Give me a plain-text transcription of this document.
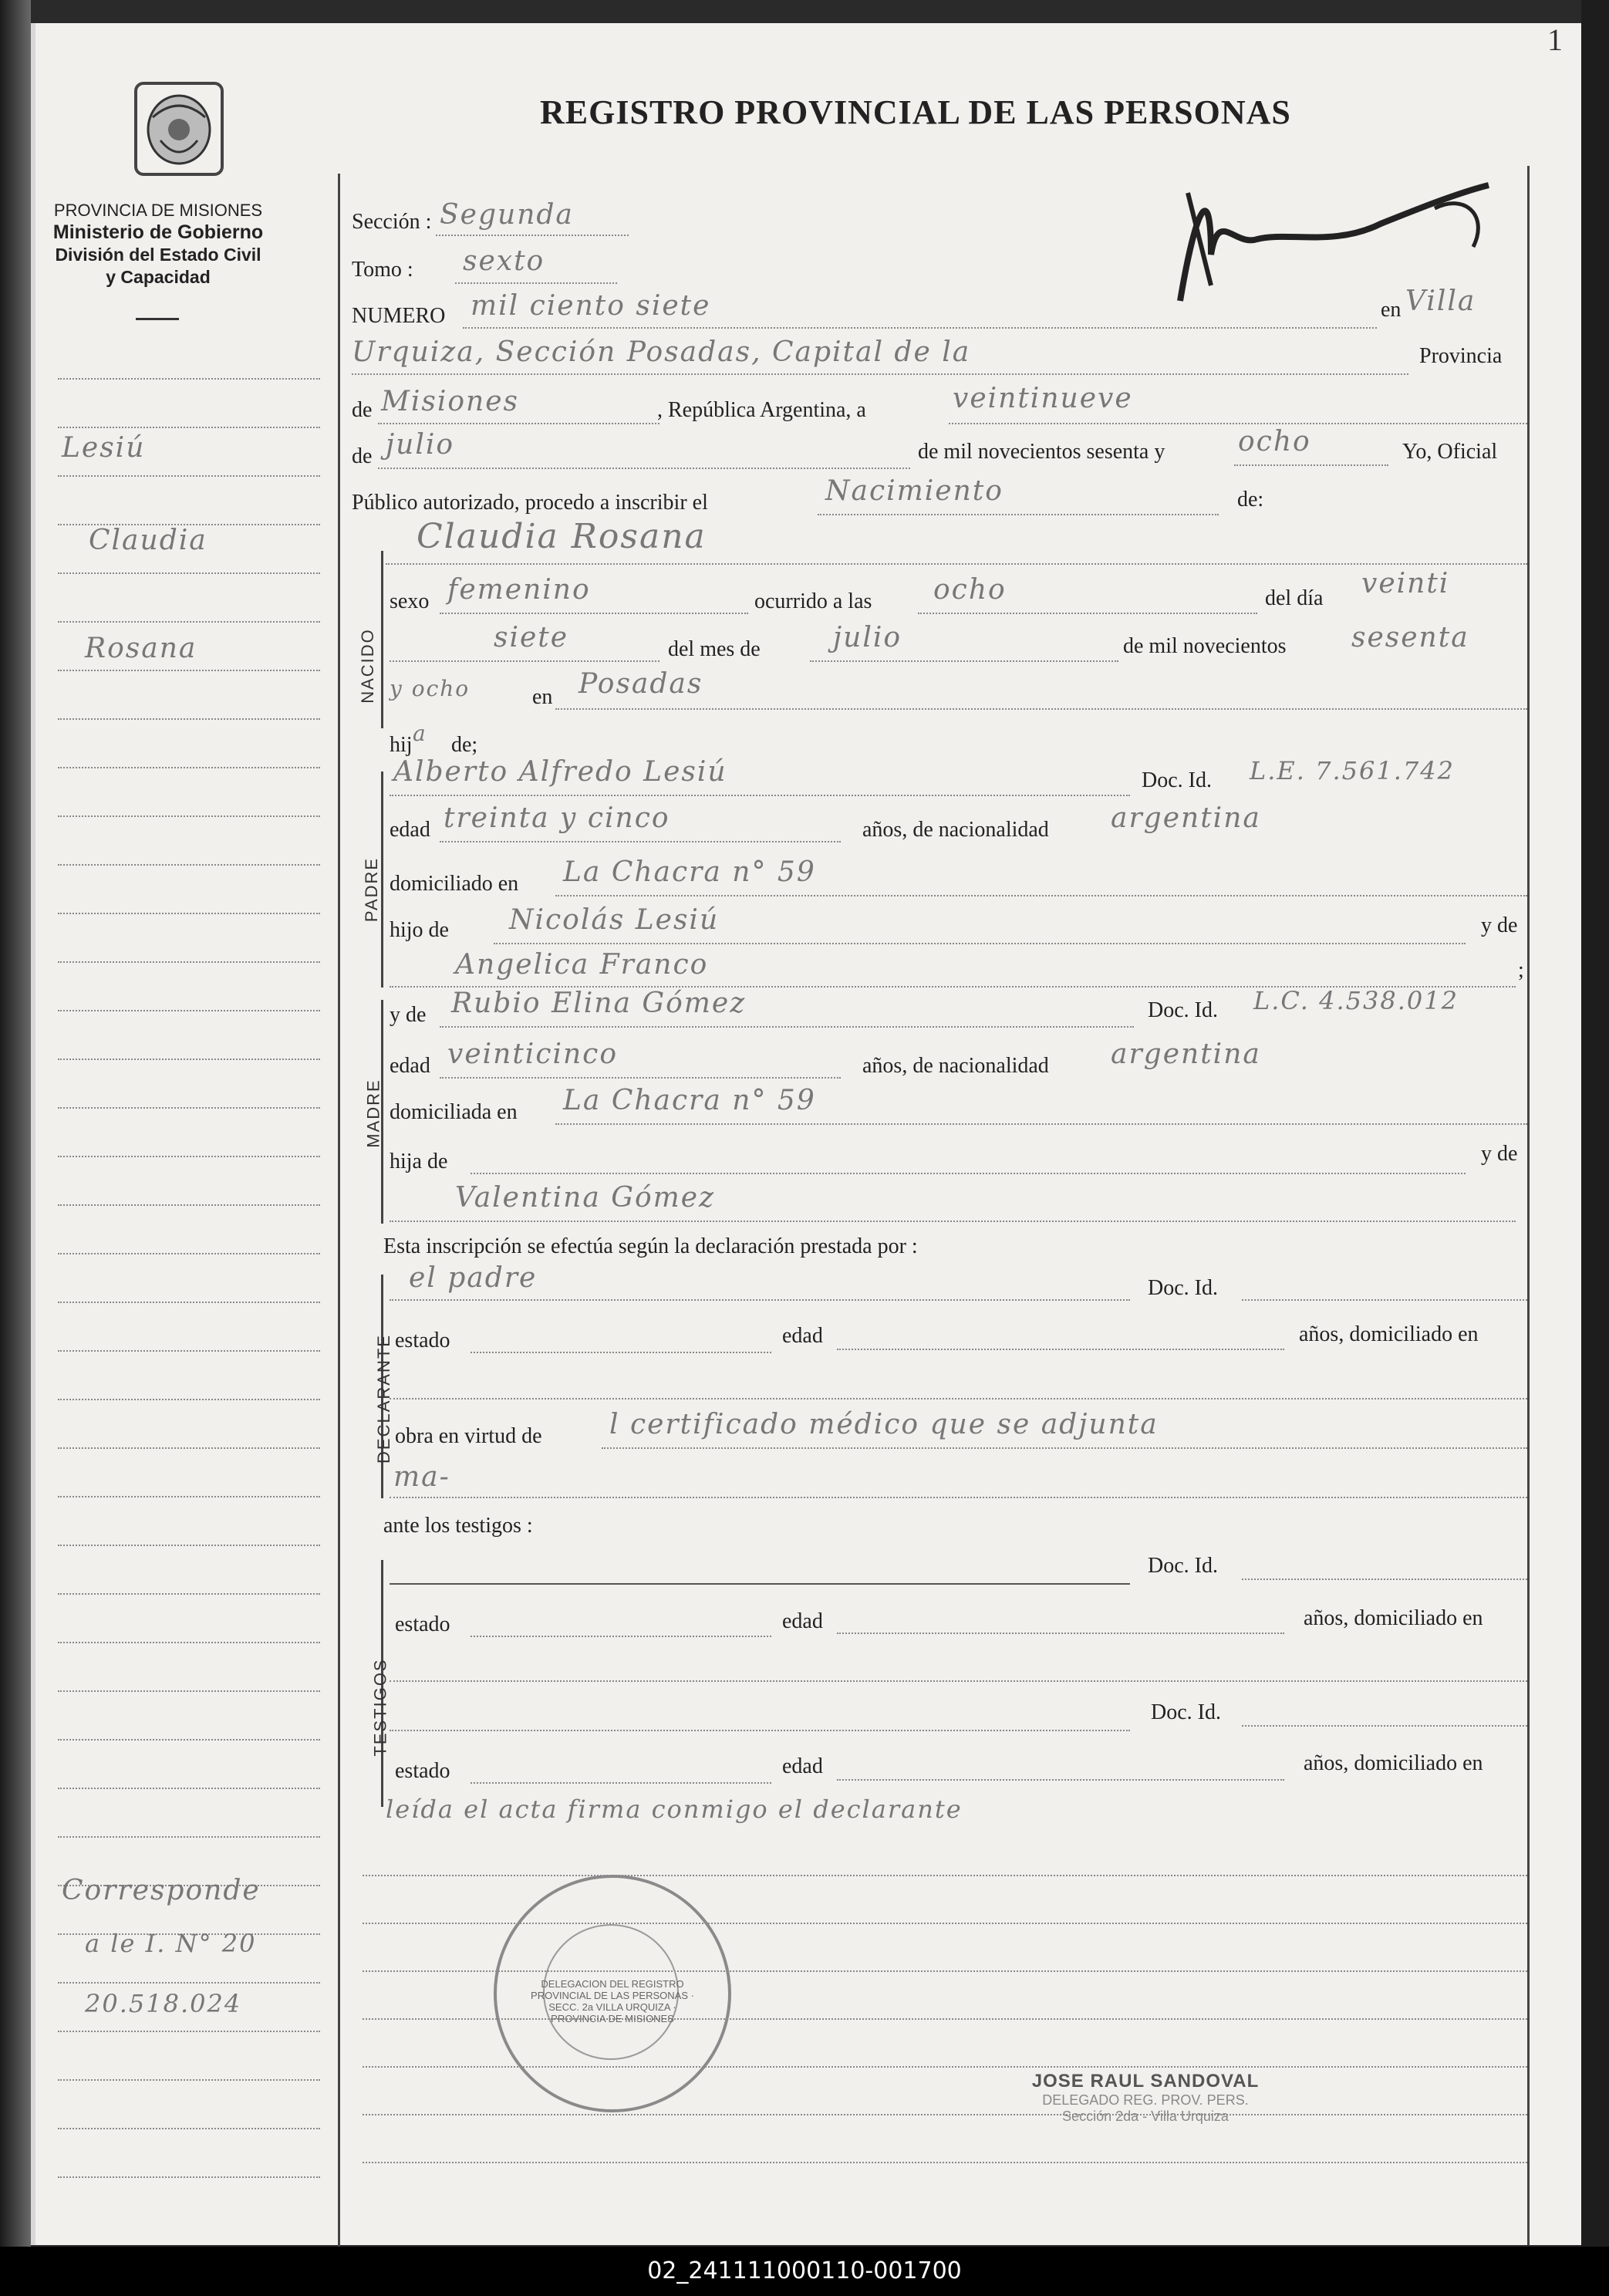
1
PROVINCIA DE MISIONES
Ministerio de Gobierno
División del Estado Civil
y Capacidad
REGISTRO PROVINCIAL DE LAS PERSONAS
Lesiú
Claudia
Rosana
Corresponde
a le I. N° 20
20.518.024
Sección : Segunda
Tomo : sexto
NUMERO mil ciento siete	en Villa
Urquiza, Sección Posadas, Capital de la	Provincia
de Misiones	, República Argentina, a	veintinueve
de julio	de mil novecientos sesenta y	ocho	Yo, Oficial
Público autorizado, procedo a inscribir el	Nacimiento	de:
NACIDO
Claudia Rosana
sexo femenino	ocurrido a las ocho	del día veinti
siete	del mes de	julio	de mil novecientos sesenta
y ocho	en Posadas
hij a de;
PADRE
Alberto Alfredo Lesiú	Doc. Id. L.E. 7.561.742
edad treinta y cinco	años, de nacionalidad argentina
domiciliado en La Chacra n° 59
hijo de Nicolás Lesiú	y de
Angelica Franco	;
MADRE
y de Rubio Elina Gómez	Doc. Id. L.C. 4.538.012
edad veinticinco	años, de nacionalidad argentina
domiciliada en La Chacra n° 59
hija de	y de
Valentina Gómez
Esta inscripción se efectúa según la declaración prestada por :
DECLARANTE
el padre	Doc. Id.
estado	edad	años, domiciliado en
obra en virtud de l certificado médico que se adjunta
ma-
ante los testigos :
TESTIGOS
Doc. Id.
estado	edad	años, domiciliado en
Doc. Id.
estado	edad	años, domiciliado en
leída el acta firma conmigo el declarante
DELEGACION DEL REGISTRO PROVINCIAL DE LAS PERSONAS · SECC. 2a VILLA URQUIZA · PROVINCIA DE MISIONES
JOSE RAUL SANDOVAL
DELEGADO REG. PROV. PERS.
Sección 2da - Villa Urquiza
02_241111000110-001700
